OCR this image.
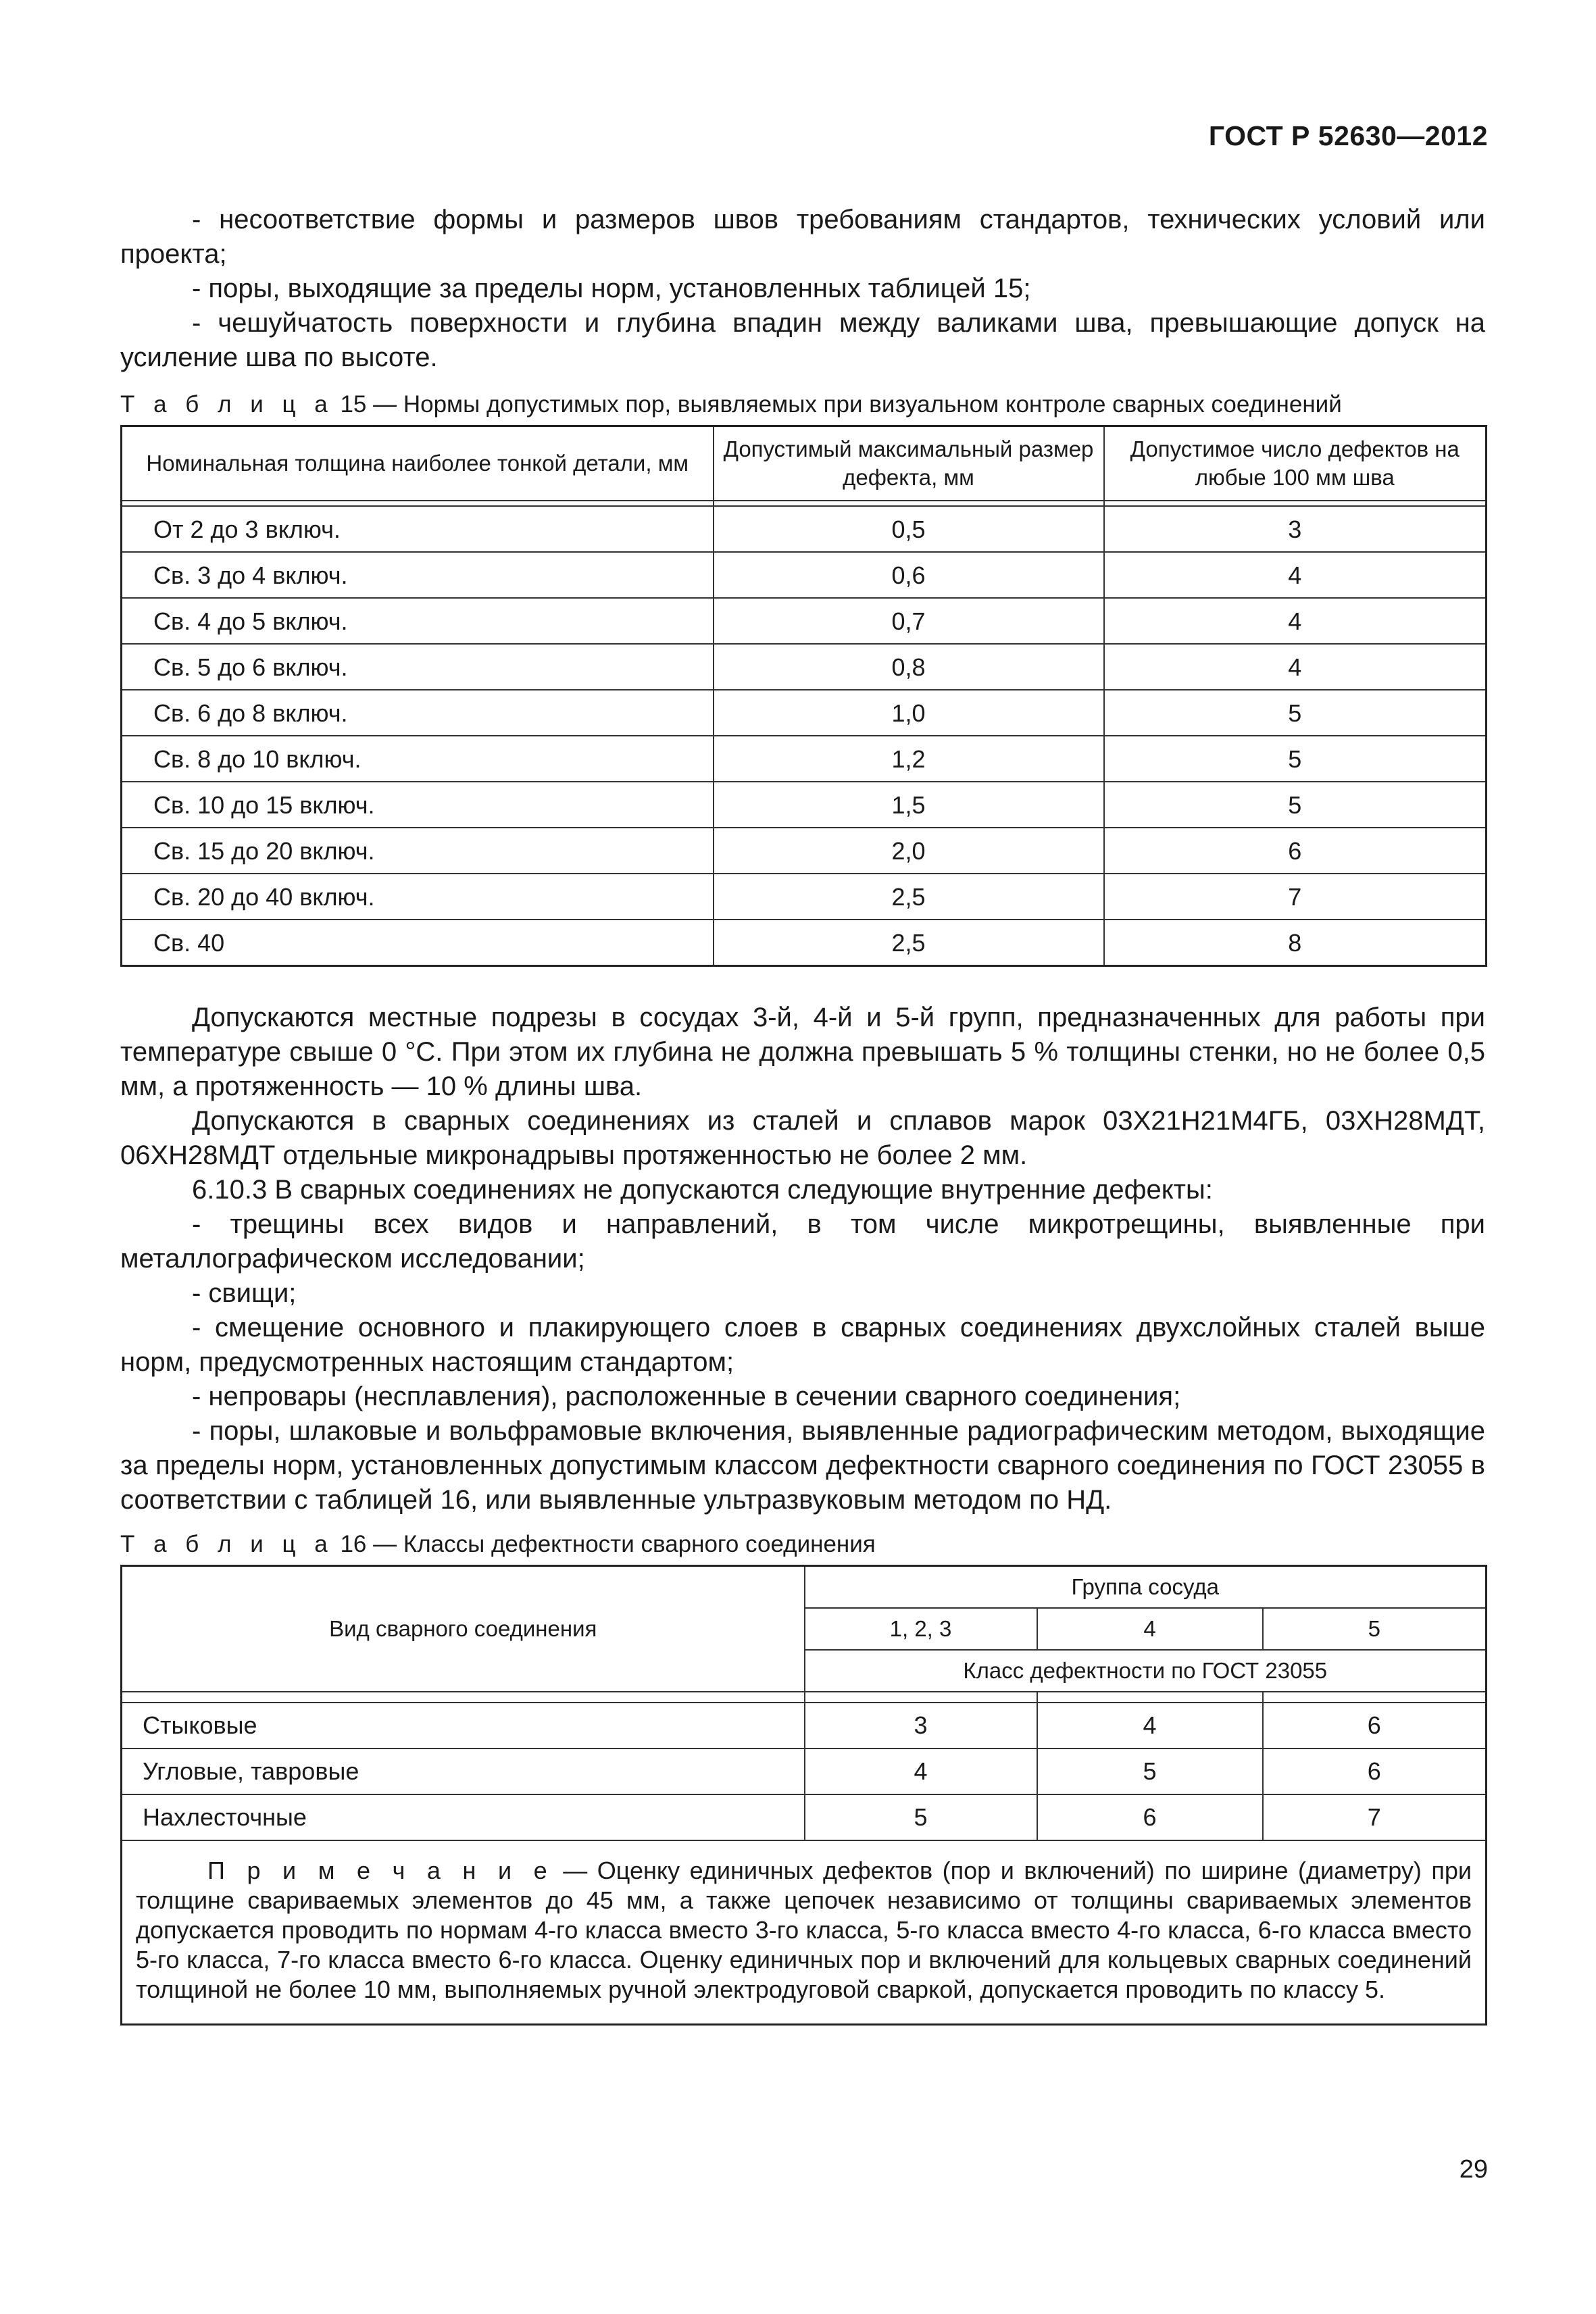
ГОСТ Р 52630—2012

- несоответствие формы и размеров швов требованиям стандартов, технических условий или проекта;

- поры, выходящие за пределы норм, установленных таблицей 15;

- чешуйчатость поверхности и глубина впадин между валиками шва, превышающие допуск на усиление шва по высоте.

Т а б л и ц а 15 — Нормы допустимых пор, выявляемых при визуальном контроле сварных соединений
Номинальная толщина наиболее тонкой детали, мм	Допустимый максимальный размер дефекта, мм	Допустимое число дефектов на любые 100 мм шва

От 2 до 3 включ.	0,5	3
Св. 3 до 4 включ.	0,6	4
Св. 4 до 5 включ.	0,7	4
Св. 5 до 6 включ.	0,8	4
Св. 6 до 8 включ.	1,0	5
Св. 8 до 10 включ.	1,2	5
Св. 10 до 15 включ.	1,5	5
Св. 15 до 20 включ.	2,0	6
Св. 20 до 40 включ.	2,5	7
Св. 40	2,5	8

Допускаются местные подрезы в сосудах 3-й, 4-й и 5-й групп, предназначенных для работы при температуре свыше 0 °С. При этом их глубина не должна превышать 5 % толщины стенки, но не более 0,5 мм, а протяженность — 10 % длины шва.

Допускаются в сварных соединениях из сталей и сплавов марок 03Х21Н21М4ГБ, 03ХН28МДТ, 06ХН28МДТ отдельные микронадрывы протяженностью не более 2 мм.

6.10.3 В сварных соединениях не допускаются следующие внутренние дефекты:

- трещины всех видов и направлений, в том числе микротрещины, выявленные при металлографическом исследовании;

- свищи;

- смещение основного и плакирующего слоев в сварных соединениях двухслойных сталей выше норм, предусмотренных настоящим стандартом;

- непровары (несплавления), расположенные в сечении сварного соединения;

- поры, шлаковые и вольфрамовые включения, выявленные радиографическим методом, выходящие за пределы норм, установленных допустимым классом дефектности сварного соединения по ГОСТ 23055 в соответствии с таблицей 16, или выявленные ультразвуковым методом по НД.

Т а б л и ц а 16 — Классы дефектности сварного соединения
Вид сварного соединения	Группа сосуда		
	1, 2, 3	4	5
	Класс дефектности по ГОСТ 23055		

Стыковые	3	4	6
Угловые, тавровые	4	5	6
Нахлесточные	5	6	7
П р и м е ч а н и е — Оценку единичных дефектов (пор и включений) по ширине (диаметру) при толщине свариваемых элементов до 45 мм, а также цепочек независимо от толщины свариваемых элементов допускается проводить по нормам 4-го класса вместо 3-го класса, 5-го класса вместо 4-го класса, 6-го класса вместо 5-го класса, 7-го класса вместо 6-го класса. Оценку единичных пор и включений для кольцевых сварных соединений толщиной не более 10 мм, выполняемых ручной электродуговой сваркой, допускается проводить по классу 5.			
29
